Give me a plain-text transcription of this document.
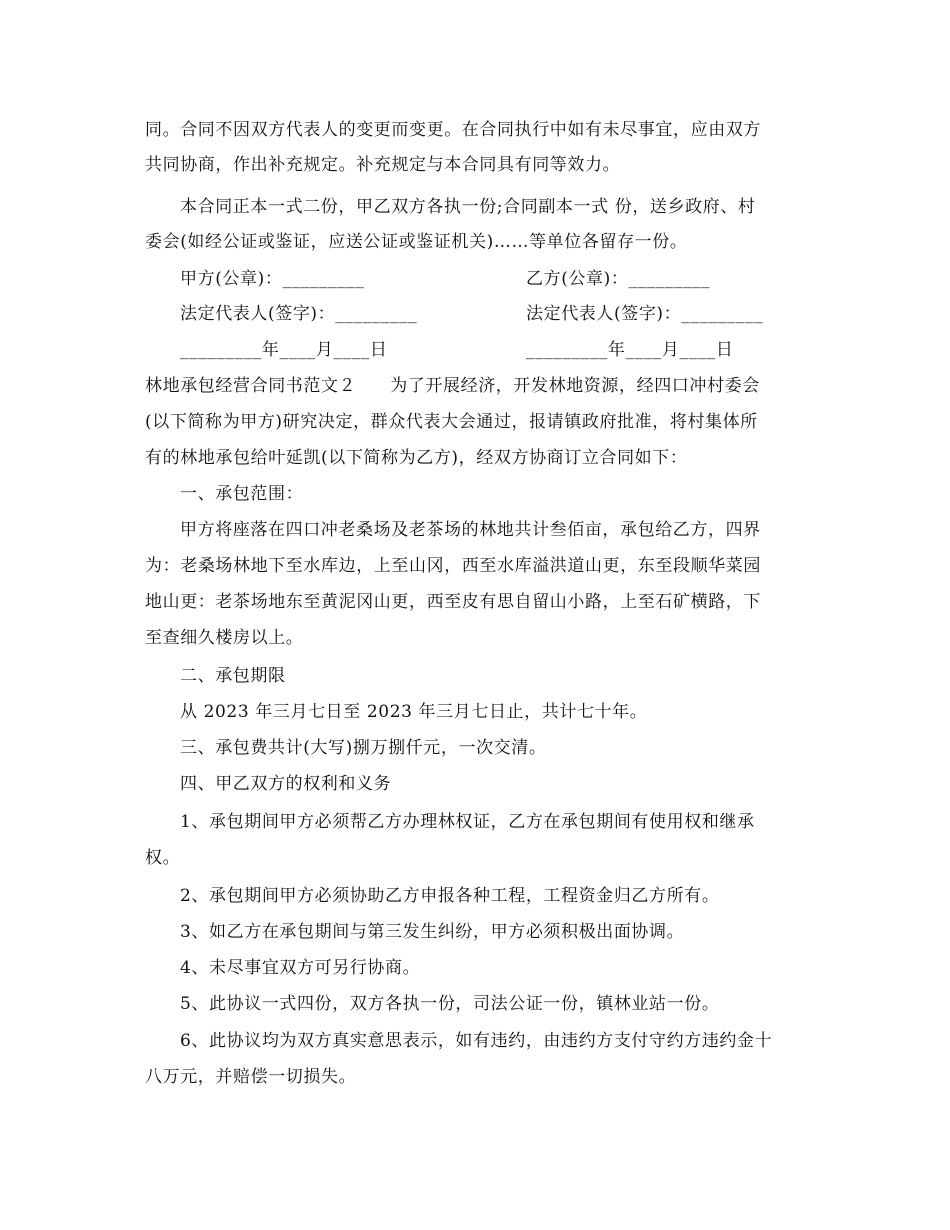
同。合同不因双方代表人的变更而变更。在合同执行中如有未尽事宜，应由双方
共同协商，作出补充规定。补充规定与本合同具有同等效力。
本合同正本一式二份，甲乙双方各执一份;合同副本一式 份，送乡政府、村
委会(如经公证或鉴证，应送公证或鉴证机关)……等单位各留存一份。
甲方(公章)：_________	乙方(公章)：_________
法定代表人(签字)：_________	法定代表人(签字)：_________
_________年____月____日	_________年____月____日
林地承包经营合同书范文２ 为了开展经济，开发林地资源，经四口冲村委会
(以下简称为甲方)研究决定，群众代表大会通过，报请镇政府批准，将村集体所
有的林地承包给叶延凯(以下简称为乙方)，经双方协商订立合同如下：
一、承包范围：
甲方将座落在四口冲老桑场及老茶场的林地共计叁佰亩，承包给乙方，四界
为：老桑场林地下至水库边，上至山冈，西至水库溢洪道山更，东至段顺华菜园
地山更：老茶场地东至黄泥冈山更，西至皮有思自留山小路，上至石矿横路，下
至查细久楼房以上。
二、承包期限
从 2023 年三月七日至 2023 年三月七日止，共计七十年。
三、承包费共计(大写)捌万捌仟元，一次交清。
四、甲乙双方的权利和义务
1、承包期间甲方必须帮乙方办理林权证，乙方在承包期间有使用权和继承
权。
2、承包期间甲方必须协助乙方申报各种工程，工程资金归乙方所有。
3、如乙方在承包期间与第三发生纠纷，甲方必须积极出面协调。
4、未尽事宜双方可另行协商。
5、此协议一式四份，双方各执一份，司法公证一份，镇林业站一份。
6、此协议均为双方真实意思表示，如有违约，由违约方支付守约方违约金十
八万元，并赔偿一切损失。
